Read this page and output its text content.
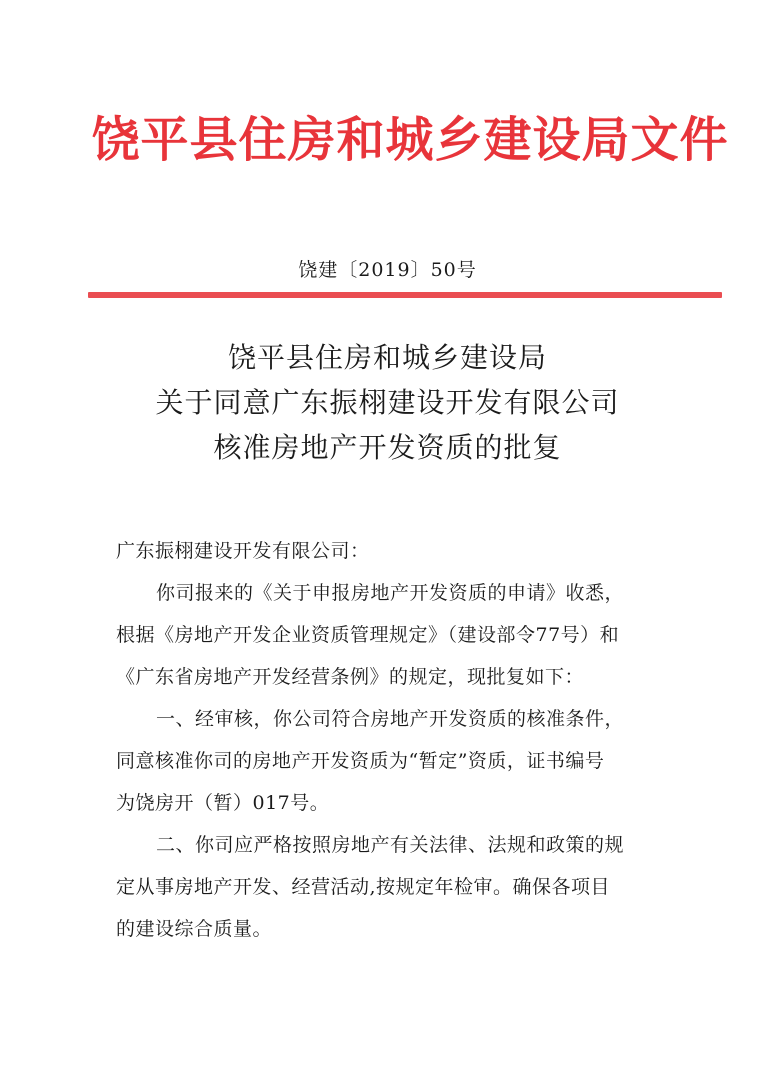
饶平县住房和城乡建设局文件
饶建〔2019〕50号
饶平县住房和城乡建设局
关于同意广东振栩建设开发有限公司
核准房地产开发资质的批复
广东振栩建设开发有限公司：
你司报来的《关于申报房地产开发资质的申请》收悉，
根据《房地产开发企业资质管理规定》（建设部令77号）和
《广东省房地产开发经营条例》的规定，现批复如下：
一、经审核，你公司符合房地产开发资质的核准条件，
同意核准你司的房地产开发资质为“暂定”资质，证书编号
为饶房开（暂）017号。
二、你司应严格按照房地产有关法律、法规和政策的规
定从事房地产开发、经营活动,按规定年检审。确保各项目
的建设综合质量。
